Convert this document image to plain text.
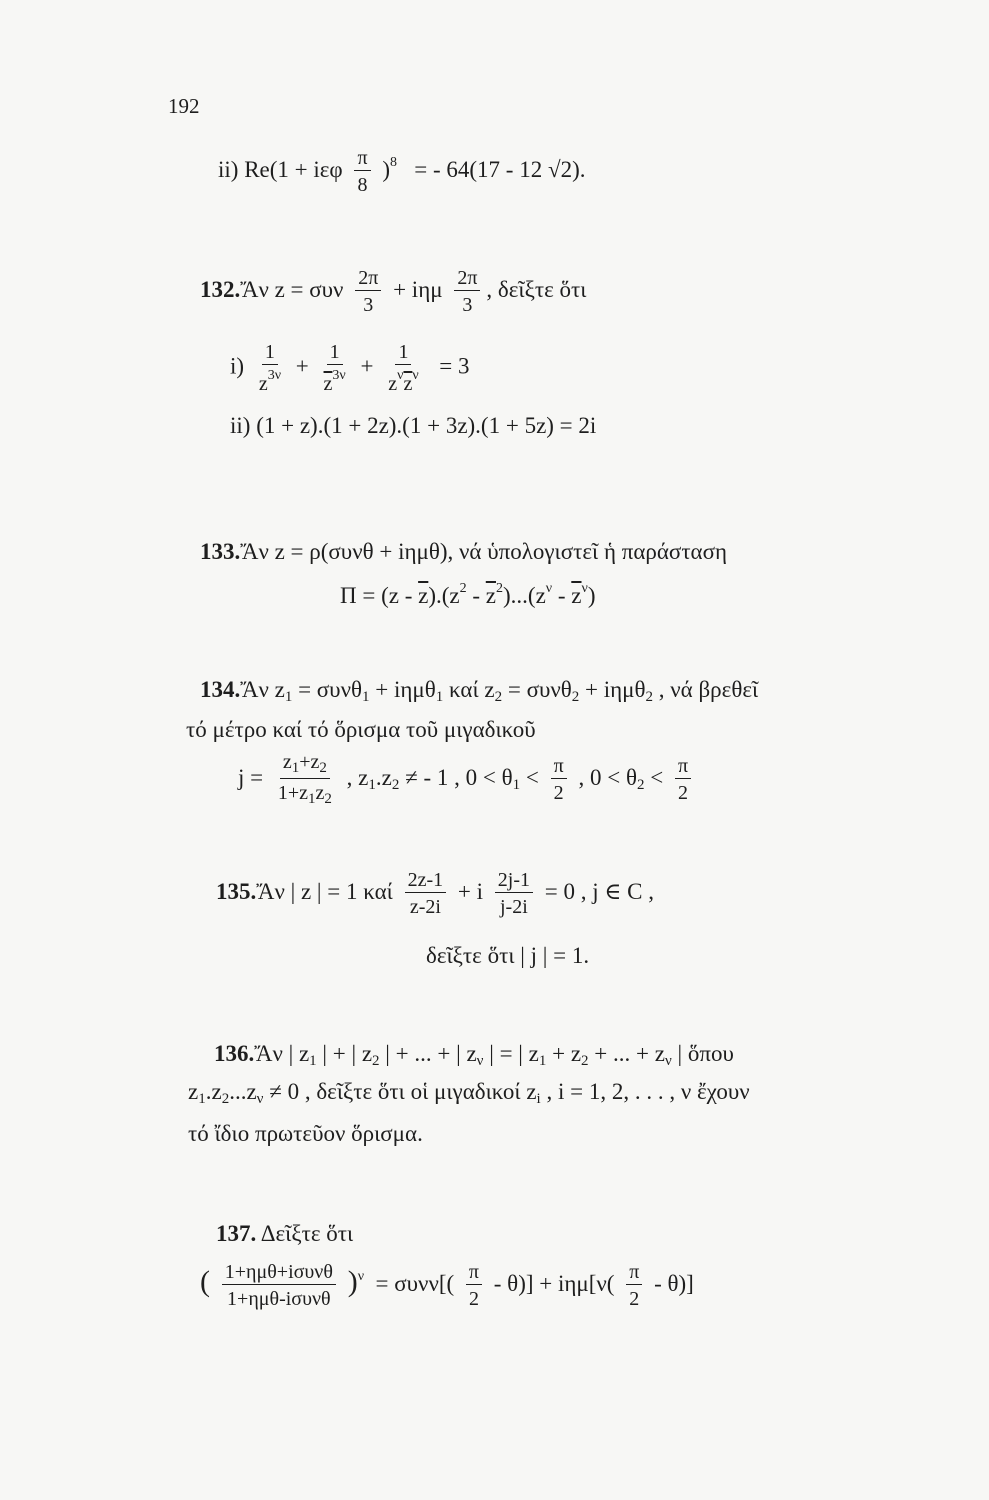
192
ii) Re(1 + iεφ $\frac{\pi}{8} )^8$ = - 64(17 - 12 √2).
132.Ἄν z = συν $\frac{2\pi}{3} + i\eta\mu \frac{2\pi}{3}$ , δεῖξτε ὅτι
$i) \frac{1}{z^{3\nu}} + \frac{1}{\overline{z}^{3\nu}} + \frac{1}{z^\nu\overline{z}^\nu} = 3$
ii) (1 + z).(1 + 2z).(1 + 3z).(1 + 5z) = 2i
133.Ἄν z = ρ(συνθ + iημθ), νά ὑπολογιστεῖ ἡ παράσταση
$\Pi = (z - \overline{z}).(z^2 - \overline{z}^2)...(z^\nu - \overline{z}^\nu)$
134.Ἄν $z_1 = \sigma\upsilon\nu\theta_1 + i\eta\mu\theta_1$ καί $z_2 = \sigma\upsilon\nu\theta_2 + i\eta\mu\theta_2$ , νά βρεθεῖ
τό μέτρο καί τό ὅρισμα τοῦ μιγαδικοῦ
$j = \frac{z_1+z_2}{1+z_1z_2}$ , $z_1.z_2$ ≠ - 1 , $0 < \theta_1 < \frac{\pi}{2}$ , $0 < \theta_2 < \frac{\pi}{2}$
135.Ἄν | z | = 1 καί $\frac{2z-1}{z-2i} + i \frac{2j-1}{j-2i} = 0$ , j ∈ C ,
δεῖξτε ὅτι | j | = 1.
136.Ἄν | $z_1$ | + | $z_2$ | + ... + | $z_\nu$ | = | $z_1 + z_2$ + ... + $z_\nu$ | ὅπου
$z_1.z_2...z_\nu \ne 0$ , δεῖξτε ὅτι οἱ μιγαδικοί $z_i$ , i = 1, 2, . . . , ν ἔχουν
τό ἴδιο πρωτεῦον ὅρισμα.
137. Δεῖξτε ὅτι
( $\frac{\text{1+ημθ+iσυνθ}}{\text{1+ημθ-iσυνθ}} )^\nu = \sigma\upsilon\nu\nu[( \frac{\pi}{2} - \theta)] + i\eta\mu[\nu( \frac{\pi}{2} - \theta)]$
